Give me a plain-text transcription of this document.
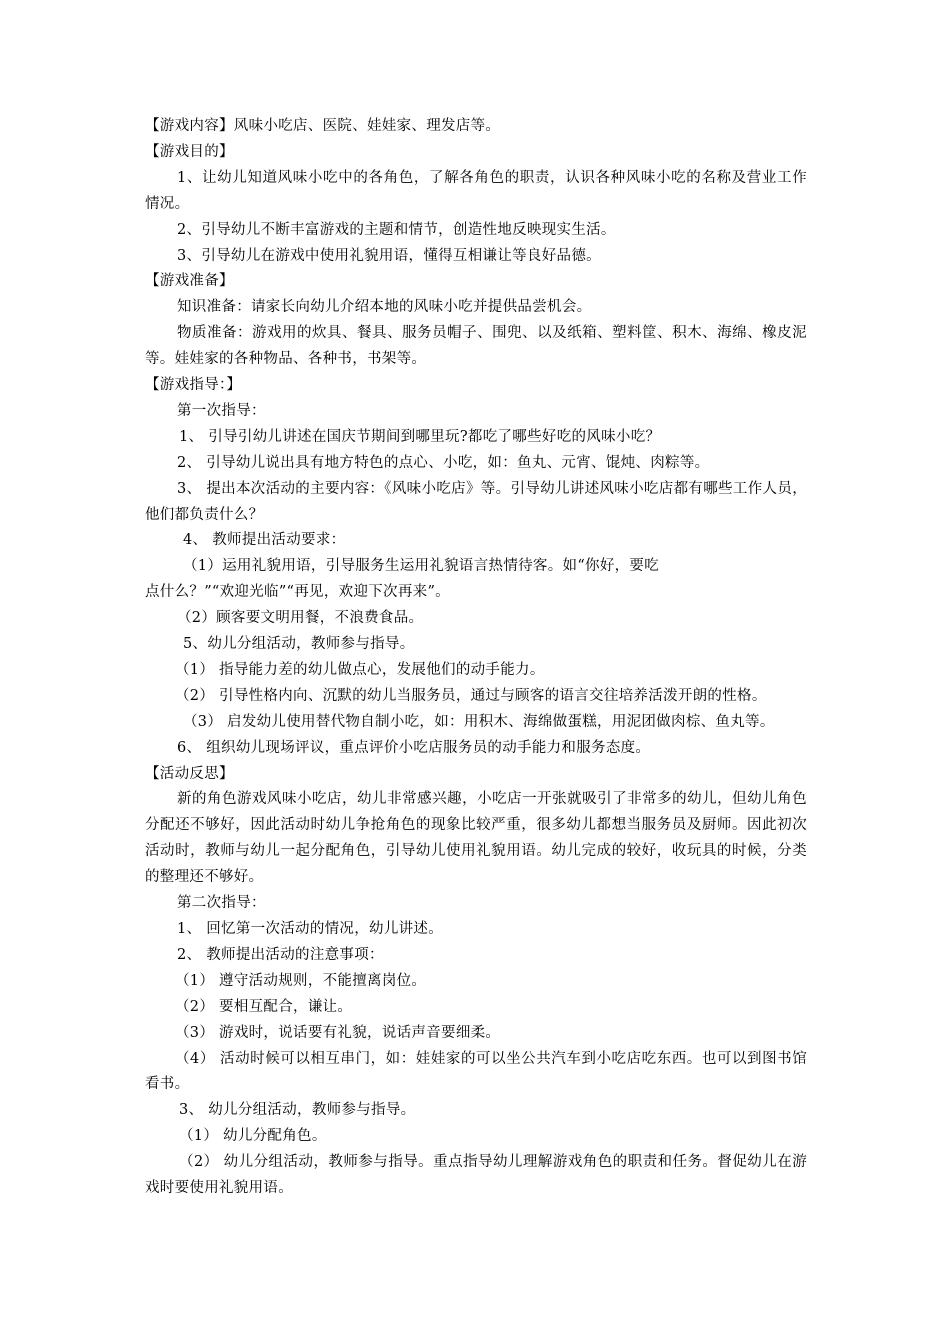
【游戏内容】风味小吃店、医院、娃娃家、理发店等。
【游戏目的】
1、让幼儿知道风味小吃中的各角色，了解各角色的职责，认识各种风味小吃的名称及营业工作情况。
2、引导幼儿不断丰富游戏的主题和情节，创造性地反映现实生活。
3、引导幼儿在游戏中使用礼貌用语，懂得互相谦让等良好品德。
【游戏准备】
知识准备：请家长向幼儿介绍本地的风味小吃并提供品尝机会。
物质准备：游戏用的炊具、餐具、服务员帽子、围兜、以及纸箱、塑料筐、积木、海绵、橡皮泥等。娃娃家的各种物品、各种书，书架等。
【游戏指导：】
第一次指导：
1、 引导引幼儿讲述在国庆节期间到哪里玩?都吃了哪些好吃的风味小吃？
2、 引导幼儿说出具有地方特色的点心、小吃，如：鱼丸、元宵、馄炖、肉粽等。
3、 提出本次活动的主要内容：《风味小吃店》等。引导幼儿讲述风味小吃店都有哪些工作人员，他们都负责什么？
4、 教师提出活动要求：
（1）运用礼貌用语，引导服务生运用礼貌语言热情待客。如“你好，要吃
点什么？”“欢迎光临”“再见，欢迎下次再来”。
（2）顾客要文明用餐，不浪费食品。
5、幼儿分组活动，教师参与指导。
（1） 指导能力差的幼儿做点心，发展他们的动手能力。
（2） 引导性格内向、沉默的幼儿当服务员，通过与顾客的语言交往培养活泼开朗的性格。
（3） 启发幼儿使用替代物自制小吃，如：用积木、海绵做蛋糕，用泥团做肉棕、鱼丸等。
6、 组织幼儿现场评议，重点评价小吃店服务员的动手能力和服务态度。
【活动反思】
新的角色游戏风味小吃店，幼儿非常感兴趣，小吃店一开张就吸引了非常多的幼儿，但幼儿角色分配还不够好，因此活动时幼儿争抢角色的现象比较严重，很多幼儿都想当服务员及厨师。因此初次活动时，教师与幼儿一起分配角色，引导幼儿使用礼貌用语。幼儿完成的较好，收玩具的时候，分类的整理还不够好。
第二次指导：
1、 回忆第一次活动的情况，幼儿讲述。
2、 教师提出活动的注意事项：
（1） 遵守活动规则，不能擅离岗位。
（2） 要相互配合，谦让。
（3） 游戏时，说话要有礼貌，说话声音要细柔。
（4） 活动时候可以相互串门，如：娃娃家的可以坐公共汽车到小吃店吃东西。也可以到图书馆看书。
3、 幼儿分组活动，教师参与指导。
（1） 幼儿分配角色。
（2） 幼儿分组活动，教师参与指导。重点指导幼儿理解游戏角色的职责和任务。督促幼儿在游戏时要使用礼貌用语。
